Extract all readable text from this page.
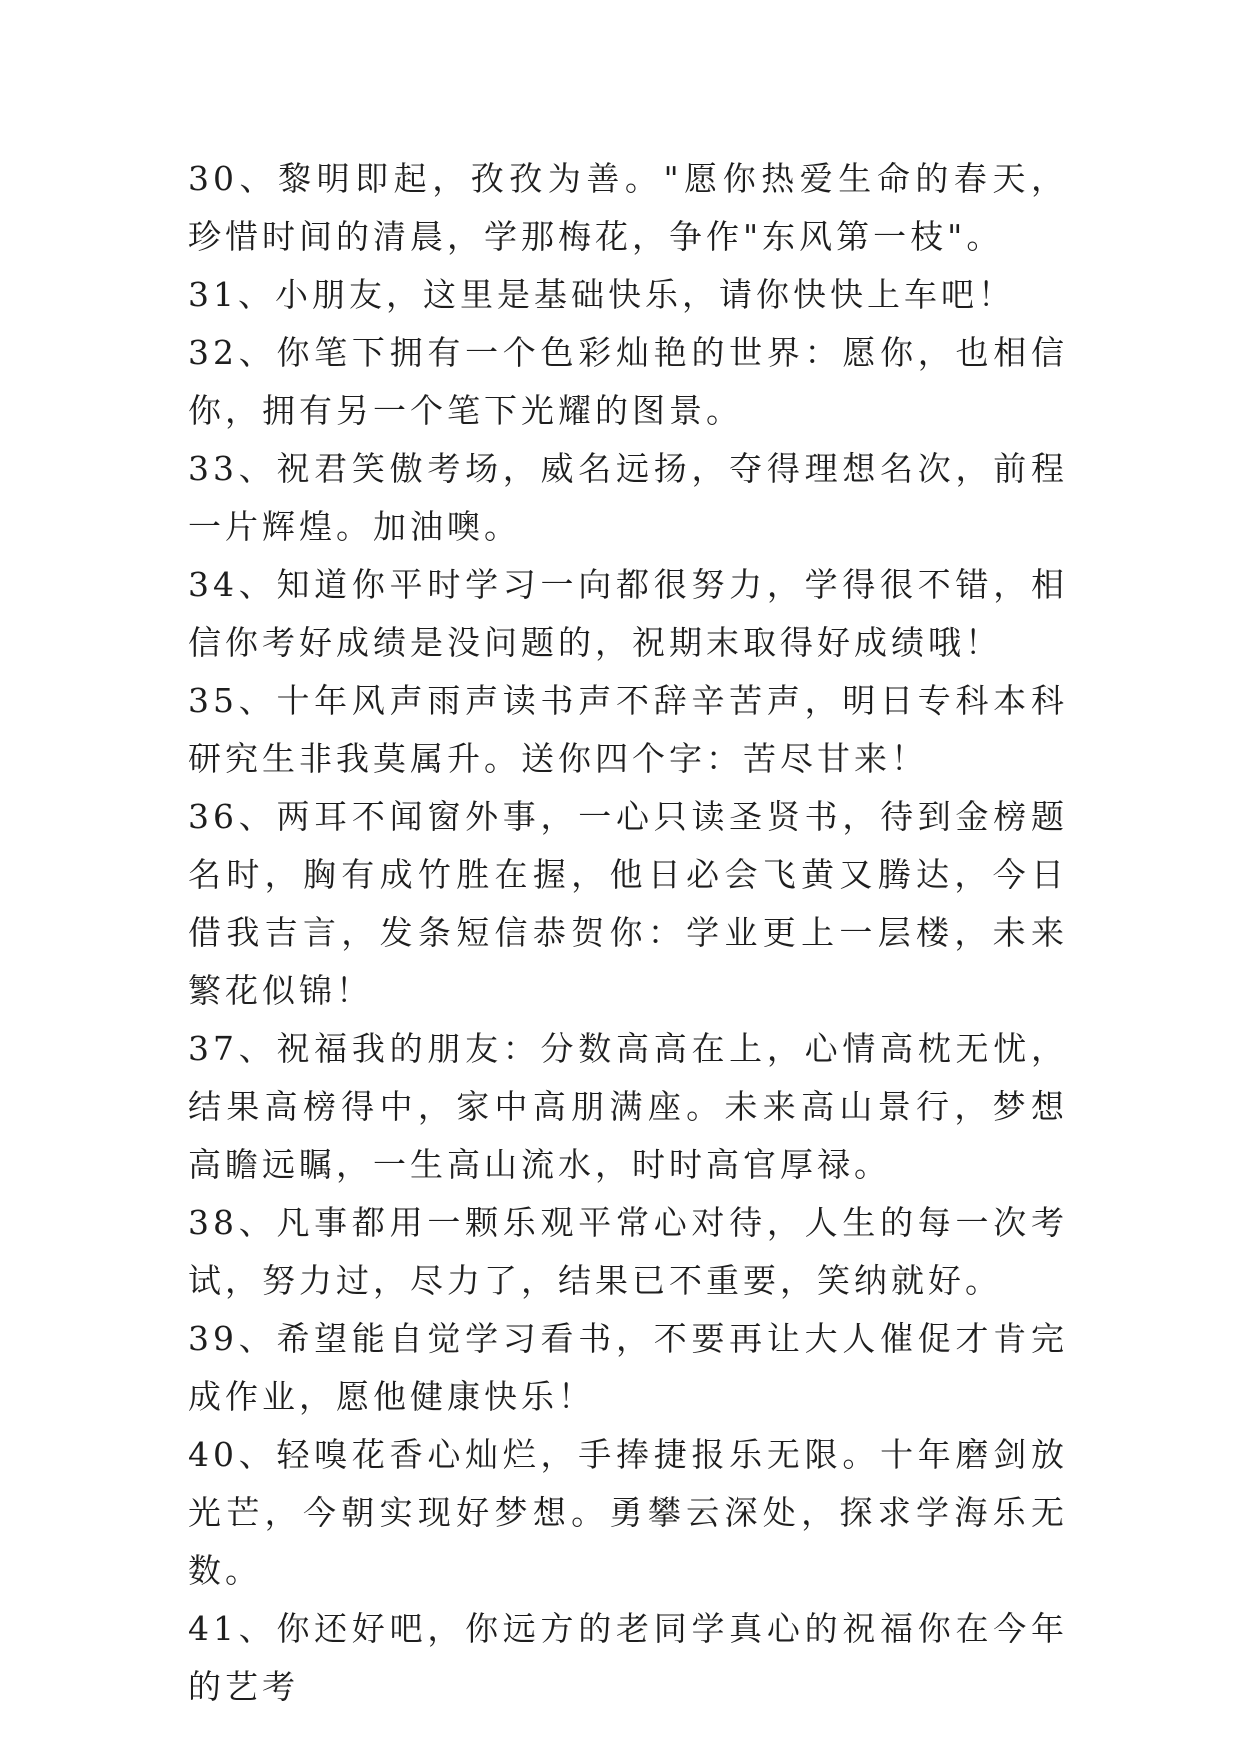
30、黎明即起，孜孜为善。"愿你热爱生命的春天，珍惜时间的清晨，学那梅花，争作"东风第一枝"。

31、小朋友，这里是基础快乐，请你快快上车吧！

32、你笔下拥有一个色彩灿艳的世界：愿你，也相信你，拥有另一个笔下光耀的图景。

33、祝君笑傲考场，威名远扬，夺得理想名次，前程一片辉煌。加油噢。

34、知道你平时学习一向都很努力，学得很不错，相信你考好成绩是没问题的，祝期末取得好成绩哦！

35、十年风声雨声读书声不辞辛苦声，明日专科本科研究生非我莫属升。送你四个字：苦尽甘来！

36、两耳不闻窗外事，一心只读圣贤书，待到金榜题名时，胸有成竹胜在握，他日必会飞黄又腾达，今日借我吉言，发条短信恭贺你：学业更上一层楼，未来繁花似锦！

37、祝福我的朋友：分数高高在上，心情高枕无忧，结果高榜得中，家中高朋满座。未来高山景行，梦想高瞻远瞩，一生高山流水，时时高官厚禄。

38、凡事都用一颗乐观平常心对待，人生的每一次考试，努力过，尽力了，结果已不重要，笑纳就好。

39、希望能自觉学习看书，不要再让大人催促才肯完成作业，愿他健康快乐！

40、轻嗅花香心灿烂，手捧捷报乐无限。十年磨剑放光芒，今朝实现好梦想。勇攀云深处，探求学海乐无数。

41、你还好吧，你远方的老同学真心的祝福你在今年的艺考
